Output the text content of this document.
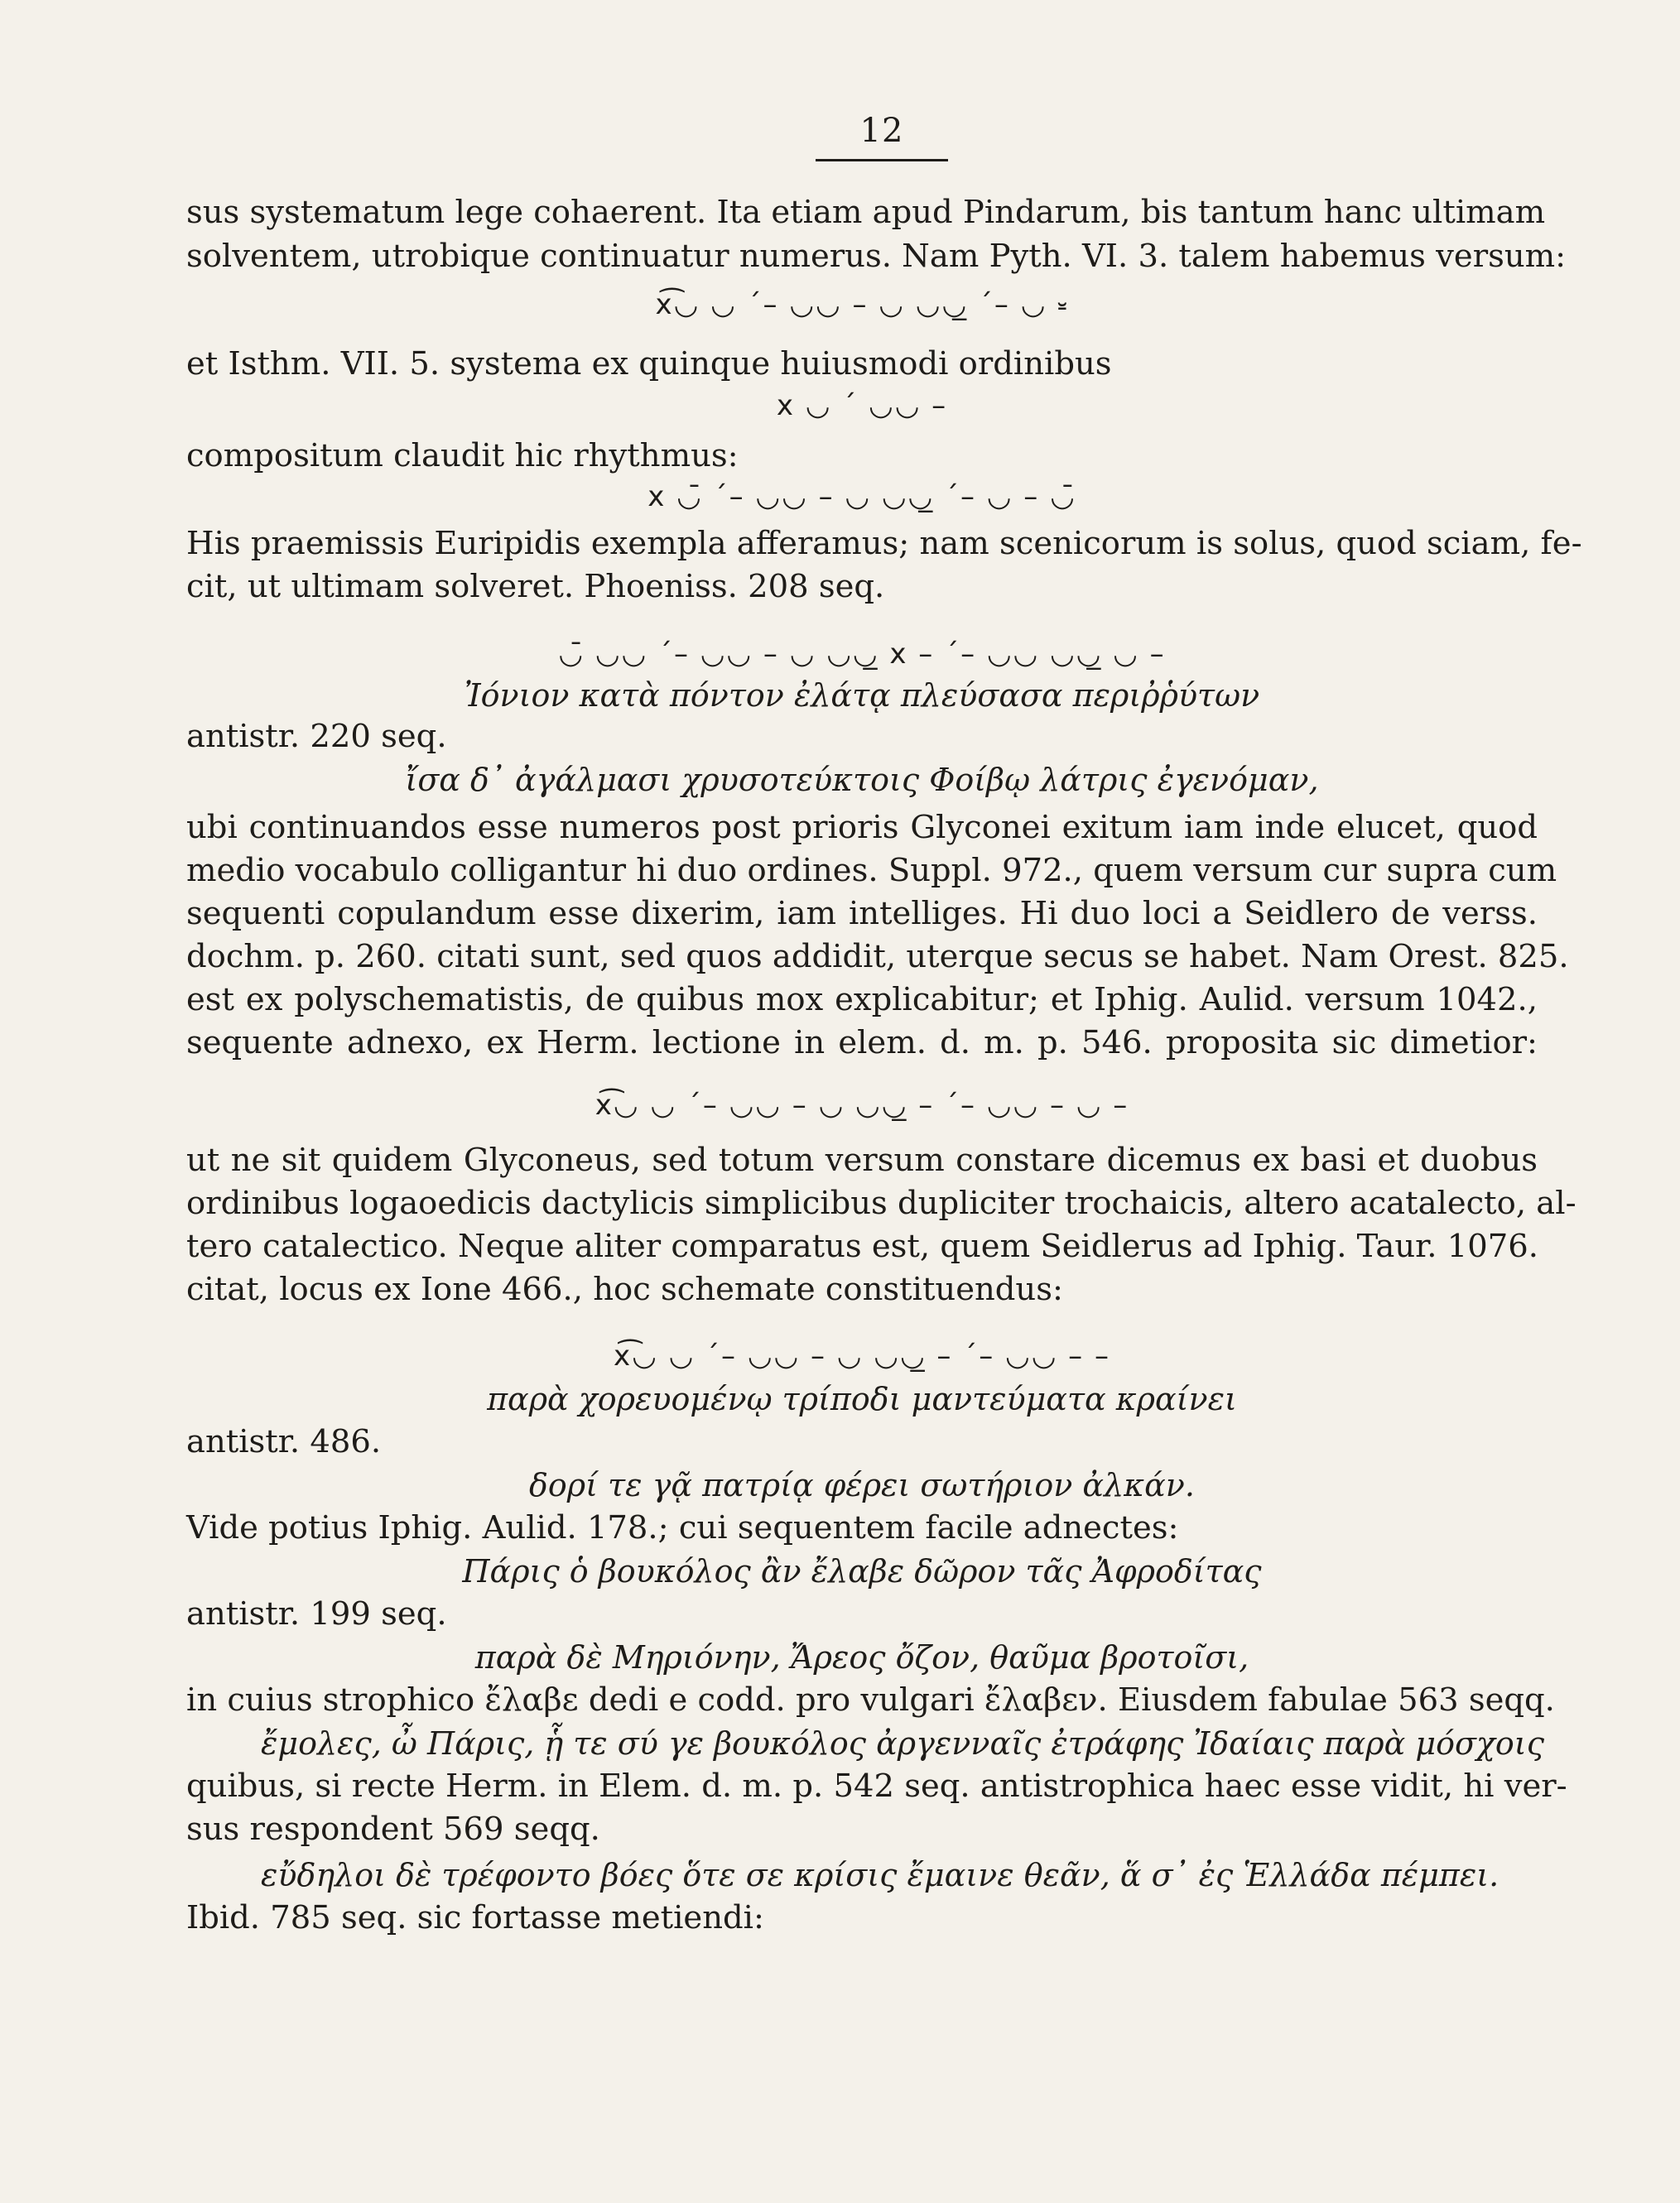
12

sus systematum lege cohaerent. Ita etiam apud Pindarum, bis tantum hanc ultimam

solventem, utrobique continuatur numerus. Nam Pyth. VI. 3. talem habemus versum:

x͡◡ ◡ ˊ– ◡◡ – ◡ ◡◡̲ ˊ– ◡ ⏓

et Isthm. VII. 5. systema ex quinque huiusmodi ordinibus

x ◡ ˊ ◡◡ –

compositum claudit hic rhythmus:

x ◡̄ ˊ– ◡◡ – ◡ ◡◡̲ ˊ– ◡ – ◡̄

His praemissis Euripidis exempla afferamus; nam scenicorum is solus, quod sciam, fe-

cit, ut ultimam solveret. Phoeniss. 208 seq.

◡̄ ◡◡ ˊ– ◡◡ – ◡ ◡◡̲ x – ˊ– ◡◡ ◡◡̲ ◡ –

Ἰόνιον κατὰ πόντον ἐλάτᾳ πλεύσασα περιῤῥύτων

antistr. 220 seq.

ἴσα δ᾽ ἀγάλμασι χρυσοτεύκτοις Φοίβῳ λάτρις ἐγενόμαν,

ubi continuandos esse numeros post prioris Glyconei exitum iam inde elucet, quod

medio vocabulo colligantur hi duo ordines. Suppl. 972., quem versum cur supra cum

sequenti copulandum esse dixerim, iam intelliges. Hi duo loci a Seidlero de verss.

dochm. p. 260. citati sunt, sed quos addidit, uterque secus se habet. Nam Orest. 825.

est ex polyschematistis, de quibus mox explicabitur; et Iphig. Aulid. versum 1042.,

sequente adnexo, ex Herm. lectione in elem. d. m. p. 546. proposita sic dimetior:

x͡◡ ◡ ˊ– ◡◡ – ◡ ◡◡̲ – ˊ– ◡◡ – ◡ –

ut ne sit quidem Glyconeus, sed totum versum constare dicemus ex basi et duobus

ordinibus logaoedicis dactylicis simplicibus dupliciter trochaicis, altero acatalecto, al-

tero catalectico. Neque aliter comparatus est, quem Seidlerus ad Iphig. Taur. 1076.

citat, locus ex Ione 466., hoc schemate constituendus:

x͡◡ ◡ ˊ– ◡◡ – ◡ ◡◡̲ – ˊ– ◡◡ – –

παρὰ χορευομένῳ τρίποδι μαντεύματα κραίνει

antistr. 486.

δορί τε γᾷ πατρίᾳ φέρει σωτήριον ἀλκάν.

Vide potius Iphig. Aulid. 178.; cui sequentem facile adnectes:

Πάρις ὁ βουκόλος ἂν ἔλαβε δῶρον τᾶς Ἀφροδίτας

antistr. 199 seq.

παρὰ δὲ Μηριόνην, Ἄρεος ὄζον, θαῦμα βροτοῖσι,

in cuius strophico ἔλαβε dedi e codd. pro vulgari ἔλαβεν. Eiusdem fabulae 563 seqq.

ἔμολες, ὦ Πάρις, ᾗ τε σύ γε βουκόλος ἀργενναῖς ἐτράφης Ἰδαίαις παρὰ μόσχοις

quibus, si recte Herm. in Elem. d. m. p. 542 seq. antistrophica haec esse vidit, hi ver-

sus respondent 569 seqq.

εὔδηλοι δὲ τρέφοντο βόες ὅτε σε κρίσις ἔμαινε θεᾶν, ἅ σ᾽ ἐς Ἑλλάδα πέμπει.

Ibid. 785 seq. sic fortasse metiendi:
